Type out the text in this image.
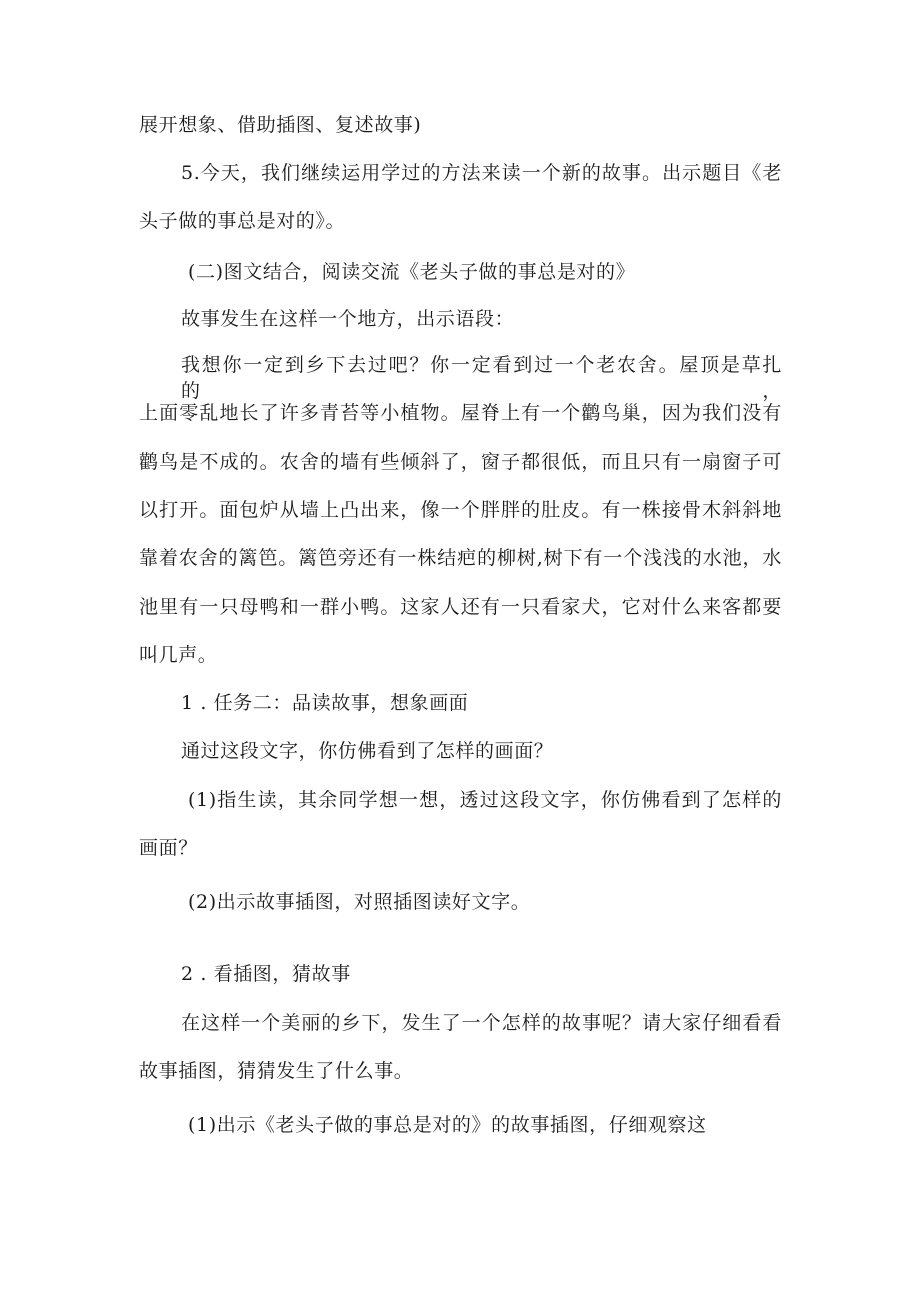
展开想象、借助插图、复述故事)
5.今天，我们继续运用学过的方法来读一个新的故事。出示题目《老
头子做的事总是对的》。
(二)图文结合，阅读交流《老头子做的事总是对的》
故事发生在这样一个地方，出示语段：
我想你一定到乡下去过吧？你一定看到过一个老农舍。屋顶是草扎的，
上面零乱地长了许多青苔等小植物。屋脊上有一个鹳鸟巢，因为我们没有
鹳鸟是不成的。农舍的墙有些倾斜了，窗子都很低，而且只有一扇窗子可
以打开。面包炉从墙上凸出来，像一个胖胖的肚皮。有一株接骨木斜斜地
靠着农舍的篱笆。篱笆旁还有一株结疤的柳树,树下有一个浅浅的水池，水
池里有一只母鸭和一群小鸭。这家人还有一只看家犬，它对什么来客都要
叫几声。
1 . 任务二：品读故事，想象画面
通过这段文字，你仿佛看到了怎样的画面？
(1)指生读，其余同学想一想，透过这段文字，你仿佛看到了怎样的
画面？
(2)出示故事插图，对照插图读好文字。
2 . 看插图，猜故事
在这样一个美丽的乡下，发生了一个怎样的故事呢？请大家仔细看看
故事插图，猜猜发生了什么事。
(1)出示《老头子做的事总是对的》的故事插图，仔细观察这
